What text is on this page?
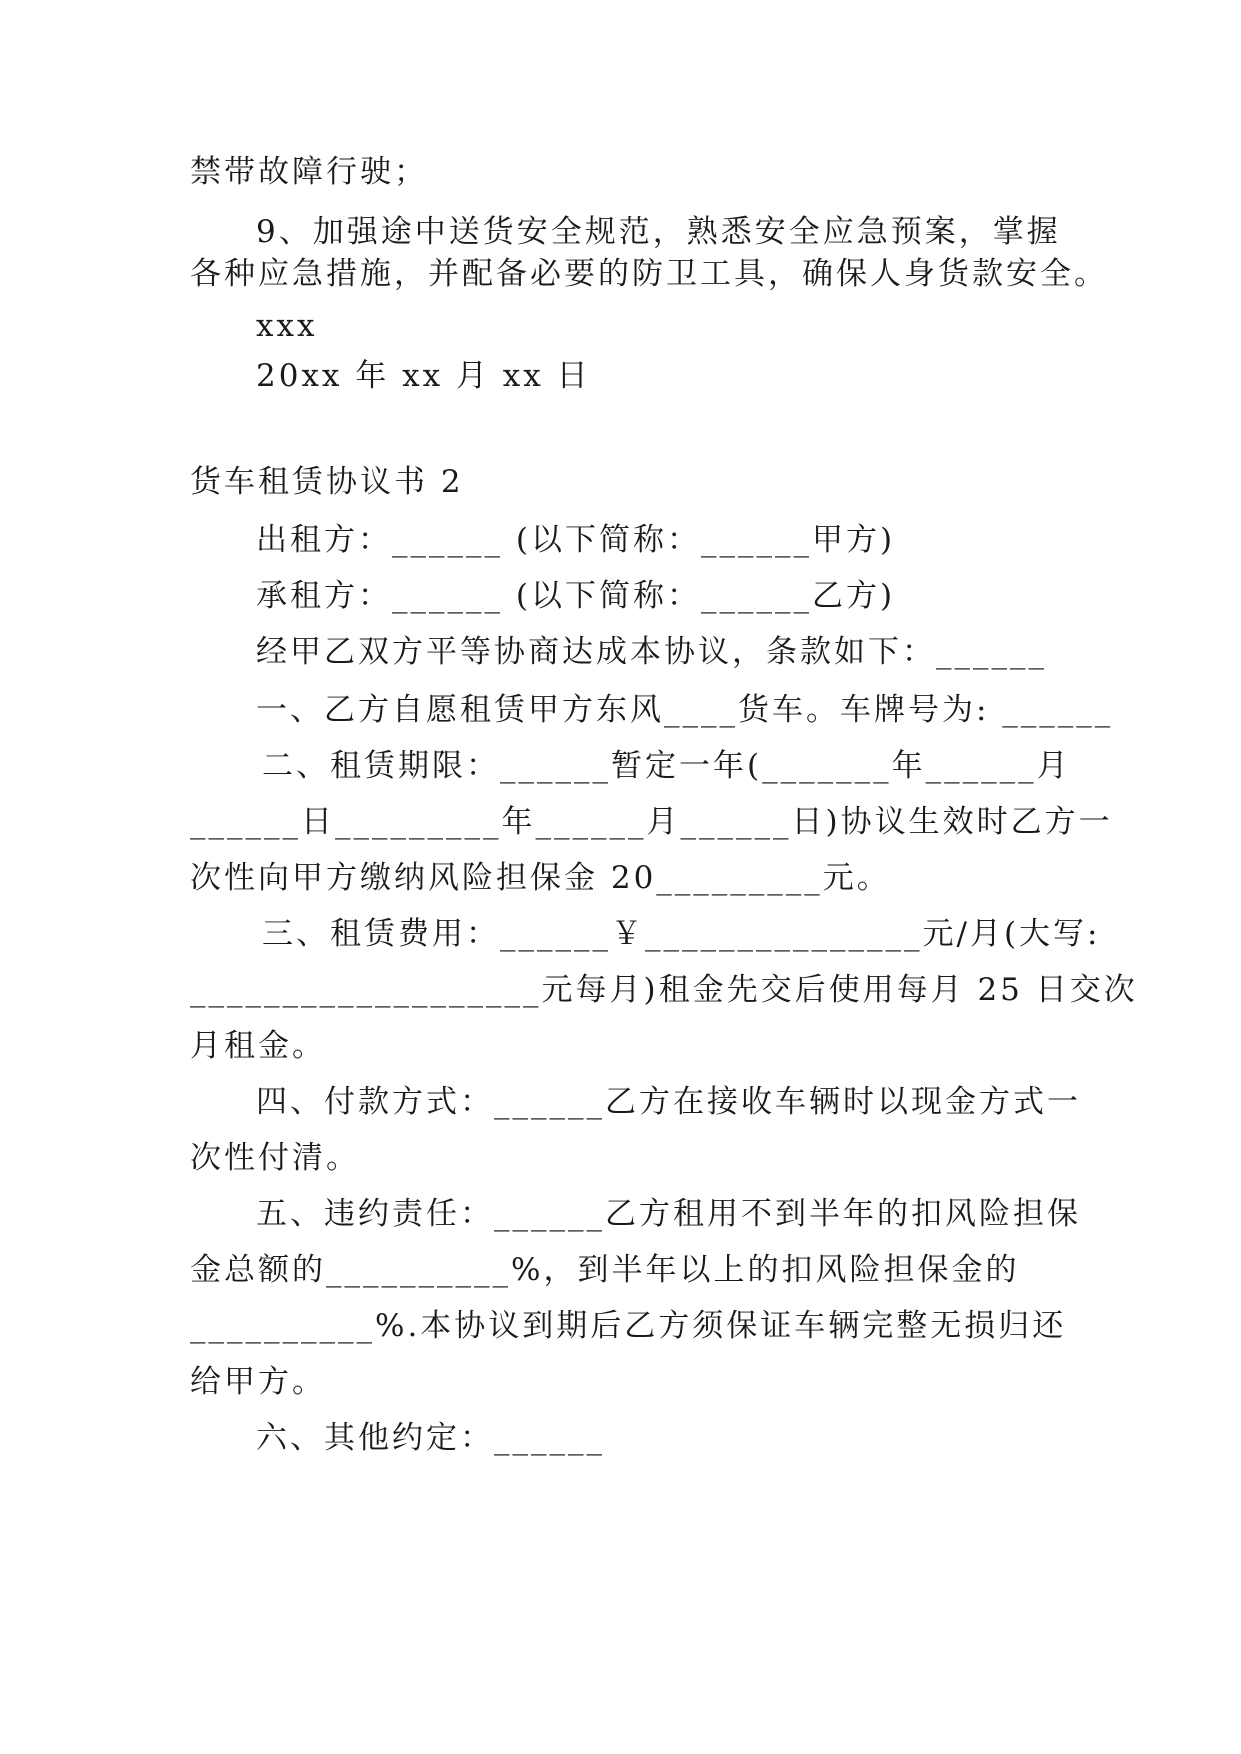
禁带故障行驶；
9、加强途中送货安全规范，熟悉安全应急预案，掌握
各种应急措施，并配备必要的防卫工具，确保人身货款安全。
xxx
20xx 年 xx 月 xx 日
货车租赁协议书 2
出租方：______ (以下简称：______甲方)
承租方：______ (以下简称：______乙方)
经甲乙双方平等协商达成本协议，条款如下：______
一、乙方自愿租赁甲方东风____货车。车牌号为: ______
二、租赁期限：______暂定一年(_______年______月
______日_________年______月______日)协议生效时乙方一
次性向甲方缴纳风险担保金 20_________元。
三、租赁费用：______￥_______________元/月(大写:
___________________元每月)租金先交后使用每月 25 日交次
月租金。
四、付款方式：______乙方在接收车辆时以现金方式一
次性付清。
五、违约责任：______乙方租用不到半年的扣风险担保
金总额的__________%，到半年以上的扣风险担保金的
__________%.本协议到期后乙方须保证车辆完整无损归还
给甲方。
六、其他约定：______
